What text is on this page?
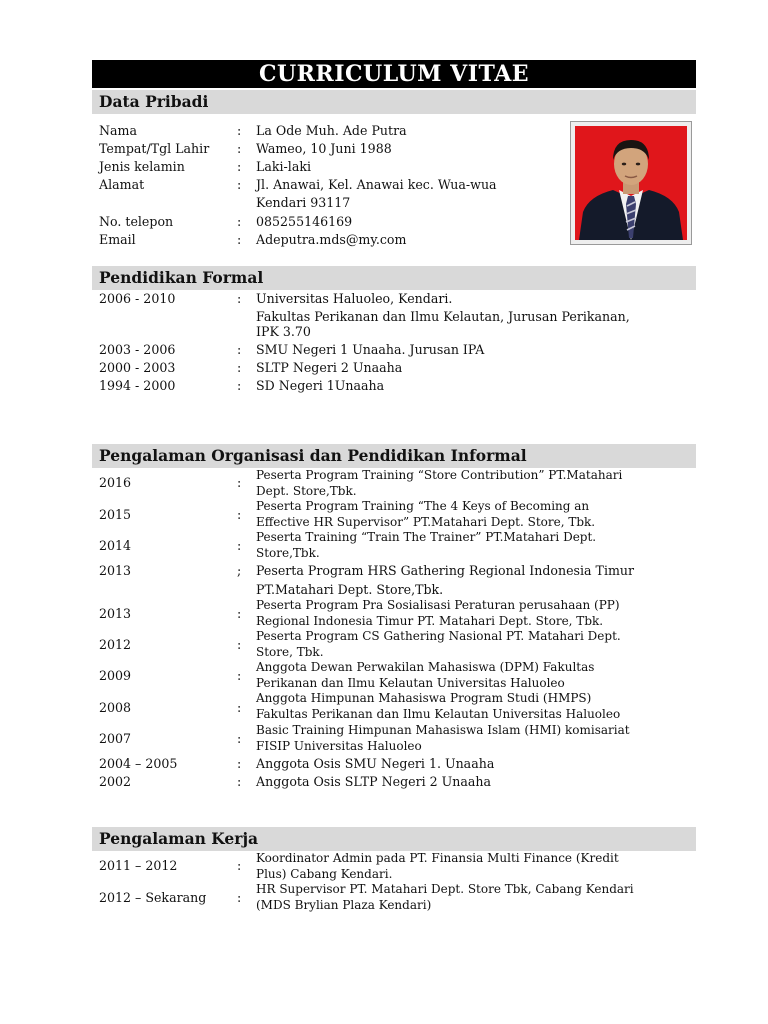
CURRICULUM VITAE
Data Pribadi
Nama	: La Ode Muh. Ade Putra
Tempat/Tgl Lahir : Wameo, 10 Juni 1988
Jenis kelamin	: Laki-laki
Alamat	: Jl. Anawai, Kel. Anawai kec. Wua-wua
Kendari 93117
No. telepon	: 085255146169
Email	: Adeputra.mds@my.com
Pendidikan Formal
2006 - 2010	: Universitas Haluoleo, Kendari.
Fakultas Perikanan dan Ilmu Kelautan, Jurusan Perikanan,
IPK 3.70
2003 - 2006	: SMU Negeri 1 Unaaha. Jurusan IPA
2000 - 2003	: SLTP Negeri 2 Unaaha
1994 - 2000	: SD Negeri 1Unaaha
Pengalaman Organisasi dan Pendidikan Informal
2016	: Peserta Program Training “Store Contribution” PT.Matahari
Dept. Store,Tbk.
2015	:
Peserta Program Training “The 4 Keys of Becoming an
Effective HR Supervisor” PT.Matahari Dept. Store, Tbk.
2014	:
Peserta Training “Train The Trainer” PT.Matahari Dept.
Store,Tbk.
2013	; Peserta Program HRS Gathering Regional Indonesia Timur
PT.Matahari Dept. Store,Tbk.
2013	:
Peserta Program Pra Sosialisasi Peraturan perusahaan (PP)
Regional Indonesia Timur PT. Matahari Dept. Store, Tbk.
2012	:
Peserta Program CS Gathering Nasional PT. Matahari Dept.
Store, Tbk.
2009	:
Anggota Dewan Perwakilan Mahasiswa (DPM) Fakultas
Perikanan dan Ilmu Kelautan Universitas Haluoleo
2008	:
Anggota Himpunan Mahasiswa Program Studi (HMPS)
Fakultas Perikanan dan Ilmu Kelautan Universitas Haluoleo
2007	:
Basic Training Himpunan Mahasiswa Islam (HMI) komisariat
FISIP Universitas Haluoleo
2004 – 2005	: Anggota Osis SMU Negeri 1. Unaaha
2002	: Anggota Osis SLTP Negeri 2 Unaaha
Pengalaman Kerja
2011 – 2012	: Koordinator Admin pada PT. Finansia Multi Finance (Kredit
Plus) Cabang Kendari.
2012 – Sekarang :
HR Supervisor PT. Matahari Dept. Store Tbk, Cabang Kendari
(MDS Brylian Plaza Kendari)
